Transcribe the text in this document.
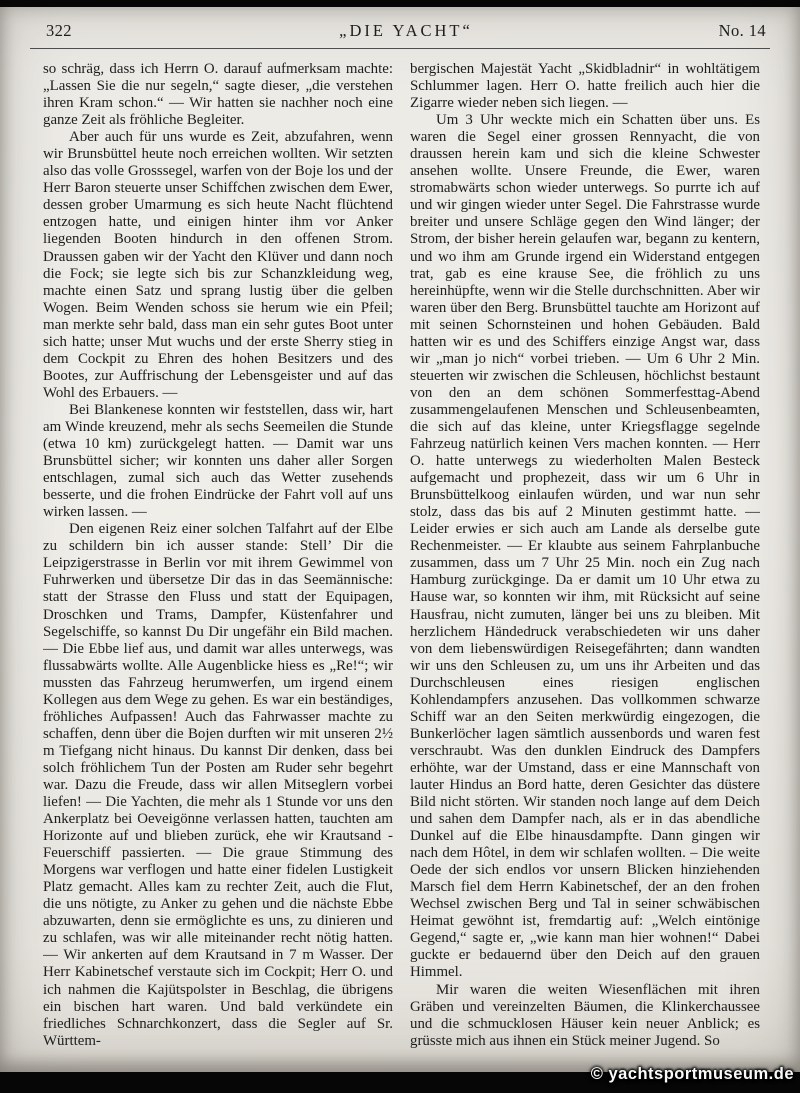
322	„DIE YACHT“	No. 14

so schräg, dass ich Herrn O. darauf aufmerksam machte: „Lassen Sie die nur segeln,“ sagte dieser, „die verstehen ihren Kram schon.“ — Wir hatten sie nachher noch eine ganze Zeit als fröhliche Begleiter.

Aber auch für uns wurde es Zeit, abzufahren, wenn wir Brunsbüttel heute noch erreichen wollten. Wir setzten also das volle Grosssegel, warfen von der Boje los und der Herr Baron steuerte unser Schiffchen zwischen dem Ewer, dessen grober Umarmung es sich heute Nacht flüchtend entzogen hatte, und einigen hinter ihm vor Anker liegenden Booten hindurch in den offenen Strom. Draussen gaben wir der Yacht den Klüver und dann noch die Fock; sie legte sich bis zur Schanzkleidung weg, machte einen Satz und sprang lustig über die gelben Wogen. Beim Wenden schoss sie herum wie ein Pfeil; man merkte sehr bald, dass man ein sehr gutes Boot unter sich hatte; unser Mut wuchs und der erste Sherry stieg in dem Cockpit zu Ehren des hohen Besitzers und des Bootes, zur Auffrischung der Lebensgeister und auf das Wohl des Erbauers. —

Bei Blankenese konnten wir feststellen, dass wir, hart am Winde kreuzend, mehr als sechs Seemeilen die Stunde (etwa 10 km) zurückgelegt hatten. — Damit war uns Brunsbüttel sicher; wir konnten uns daher aller Sorgen entschlagen, zumal sich auch das Wetter zusehends besserte, und die frohen Eindrücke der Fahrt voll auf uns wirken lassen. —

Den eigenen Reiz einer solchen Talfahrt auf der Elbe zu schildern bin ich ausser stande: Stell’ Dir die Leipzigerstrasse in Berlin vor mit ihrem Gewimmel von Fuhrwerken und übersetze Dir das in das Seemännische: statt der Strasse den Fluss und statt der Equipagen, Droschken und Trams, Dampfer, Küstenfahrer und Segelschiffe, so kannst Du Dir ungefähr ein Bild machen. — Die Ebbe lief aus, und damit war alles unterwegs, was flussabwärts wollte. Alle Augenblicke hiess es „Re!“; wir mussten das Fahrzeug herumwerfen, um irgend einem Kollegen aus dem Wege zu gehen. Es war ein beständiges, fröhliches Aufpassen! Auch das Fahrwasser machte zu schaffen, denn über die Bojen durften wir mit unseren 2½ m Tiefgang nicht hinaus. Du kannst Dir denken, dass bei solch fröhlichem Tun der Posten am Ruder sehr begehrt war. Dazu die Freude, dass wir allen Mitseglern vorbei liefen! — Die Yachten, die mehr als 1 Stunde vor uns den Ankerplatz bei Oeveigönne verlassen hatten, tauchten am Horizonte auf und blieben zurück, ehe wir Krautsand - Feuerschiff passierten. — Die graue Stimmung des Morgens war verflogen und hatte einer fidelen Lustigkeit Platz gemacht. Alles kam zu rechter Zeit, auch die Flut, die uns nötigte, zu Anker zu gehen und die nächste Ebbe abzuwarten, denn sie ermöglichte es uns, zu dinieren und zu schlafen, was wir alle miteinander recht nötig hatten. — Wir ankerten auf dem Krautsand in 7 m Wasser. Der Herr Kabinetschef verstaute sich im Cockpit; Herr O. und ich nahmen die Kajütspolster in Beschlag, die übrigens ein bischen hart waren. Und bald verkündete ein friedliches Schnarchkonzert, dass die Segler auf Sr. Württem-

bergischen Majestät Yacht „Skidbladnir“ in wohltätigem Schlummer lagen. Herr O. hatte freilich auch hier die Zigarre wieder neben sich liegen. —

Um 3 Uhr weckte mich ein Schatten über uns. Es waren die Segel einer grossen Rennyacht, die von draussen herein kam und sich die kleine Schwester ansehen wollte. Unsere Freunde, die Ewer, waren stromabwärts schon wieder unterwegs. So purrte ich auf und wir gingen wieder unter Segel. Die Fahrstrasse wurde breiter und unsere Schläge gegen den Wind länger; der Strom, der bisher herein gelaufen war, begann zu kentern, und wo ihm am Grunde irgend ein Widerstand entgegen trat, gab es eine krause See, die fröhlich zu uns hereinhüpfte, wenn wir die Stelle durchschnitten. Aber wir waren über den Berg. Brunsbüttel tauchte am Horizont auf mit seinen Schornsteinen und hohen Gebäuden. Bald hatten wir es und des Schiffers einzige Angst war, dass wir „man jo nich“ vorbei trieben. — Um 6 Uhr 2 Min. steuerten wir zwischen die Schleusen, höchlichst bestaunt von den an dem schönen Sommerfesttag-Abend zusammengelaufenen Menschen und Schleusenbeamten, die sich auf das kleine, unter Kriegsflagge segelnde Fahrzeug natürlich keinen Vers machen konnten. — Herr O. hatte unterwegs zu wiederholten Malen Besteck aufgemacht und prophezeit, dass wir um 6 Uhr in Brunsbüttelkoog einlaufen würden, und war nun sehr stolz, dass das bis auf 2 Minuten gestimmt hatte. — Leider erwies er sich auch am Lande als derselbe gute Rechenmeister. — Er klaubte aus seinem Fahrplanbuche zusammen, dass um 7 Uhr 25 Min. noch ein Zug nach Hamburg zurückginge. Da er damit um 10 Uhr etwa zu Hause war, so konnten wir ihm, mit Rücksicht auf seine Hausfrau, nicht zumuten, länger bei uns zu bleiben. Mit herzlichem Händedruck verabschiedeten wir uns daher von dem liebenswürdigen Reisegefährten; dann wandten wir uns den Schleusen zu, um uns ihr Arbeiten und das Durchschleusen eines riesigen englischen Kohlendampfers anzusehen. Das vollkommen schwarze Schiff war an den Seiten merkwürdig eingezogen, die Bunkerlöcher lagen sämtlich aussenbords und waren fest verschraubt. Was den dunklen Eindruck des Dampfers erhöhte, war der Umstand, dass er eine Mannschaft von lauter Hindus an Bord hatte, deren Gesichter das düstere Bild nicht störten. Wir standen noch lange auf dem Deich und sahen dem Dampfer nach, als er in das abendliche Dunkel auf die Elbe hinausdampfte. Dann gingen wir nach dem Hôtel, in dem wir schlafen wollten. – Die weite Oede der sich endlos vor unsern Blicken hinziehenden Marsch fiel dem Herrn Kabinetschef, der an den frohen Wechsel zwischen Berg und Tal in seiner schwäbischen Heimat gewöhnt ist, fremdartig auf: „Welch eintönige Gegend,“ sagte er, „wie kann man hier wohnen!“ Dabei guckte er bedauernd über den Deich auf den grauen Himmel.

Mir waren die weiten Wiesenflächen mit ihren Gräben und vereinzelten Bäumen, die Klinkerchaussee und die schmucklosen Häuser kein neuer Anblick; es grüsste mich aus ihnen ein Stück meiner Jugend. So

© yachtsportmuseum.de
